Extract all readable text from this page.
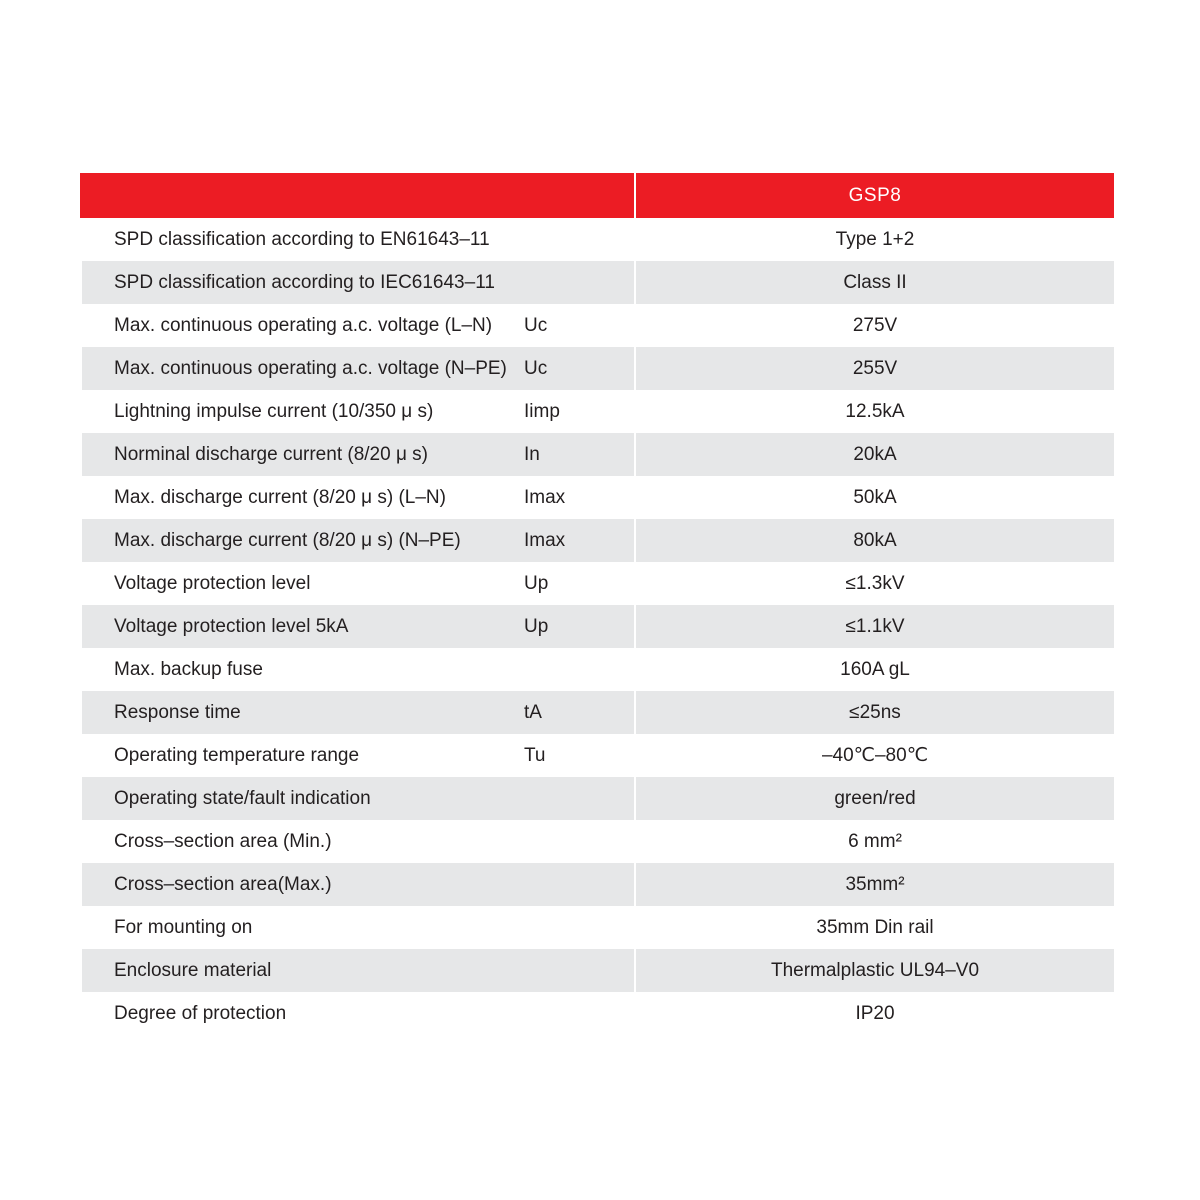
GSP8
SPD classification according to EN61643–11	Type 1+2
SPD classification according to IEC61643–11	Class II
Max. continuous operating a.c. voltage (L–N) Uc	275V
Max. continuous operating a.c. voltage (N–PE) Uc	255V
Lightning impulse current (10/350 μ s)	Iimp	12.5kA
Norminal discharge current (8/20 μ s)	In	20kA
Max. discharge current (8/20 μ s) (L–N)	Imax	50kA
Max. discharge current (8/20 μ s) (N–PE)	Imax	80kA
Voltage protection level	Up	≤1.3kV
Voltage protection level 5kA	Up	≤1.1kV
Max. backup fuse	160A gL
Response time	tA	≤25ns
Operating temperature range	Tu	–40℃–80℃
Operating state/fault indication	green/red
Cross–section area (Min.)	6 mm²
Cross–section area(Max.)	35mm²
For mounting on	35mm Din rail
Enclosure material	Thermalplastic UL94–V0
Degree of protection	IP20
